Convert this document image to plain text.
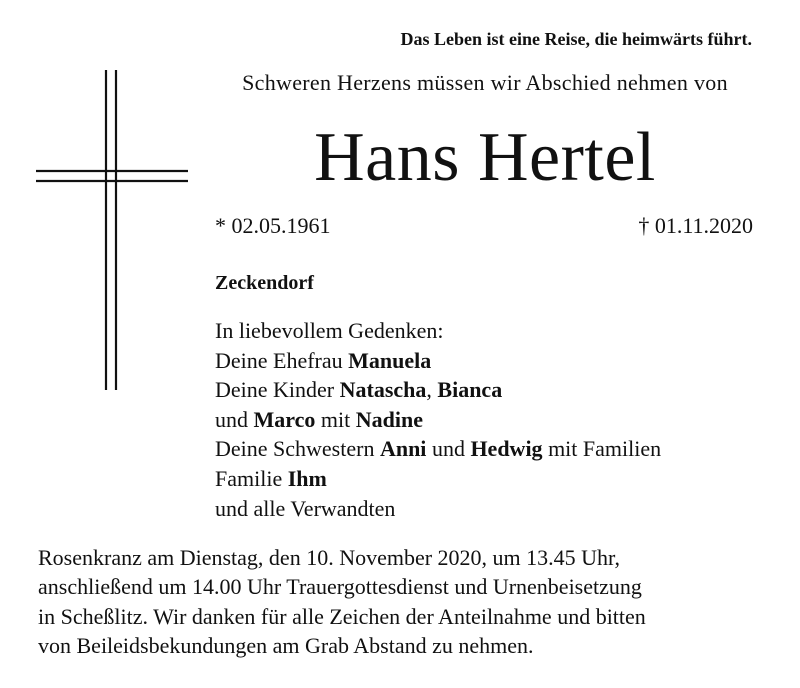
Das Leben ist eine Reise, die heimwärts führt.
Schweren Herzens müssen wir Abschied nehmen von
Hans Hertel
* 02.05.1961	† 01.11.2020
Zeckendorf
In liebevollem Gedenken:
Deine Ehefrau Manuela
Deine Kinder Natascha, Bianca
und Marco mit Nadine
Deine Schwestern Anni und Hedwig mit Familien
Familie Ihm
und alle Verwandten
Rosenkranz am Dienstag, den 10. November 2020, um 13.45 Uhr,
anschließend um 14.00 Uhr Trauergottesdienst und Urnenbeisetzung
in Scheßlitz. Wir danken für alle Zeichen der Anteilnahme und bitten
von Beileidsbekundungen am Grab Abstand zu nehmen.
